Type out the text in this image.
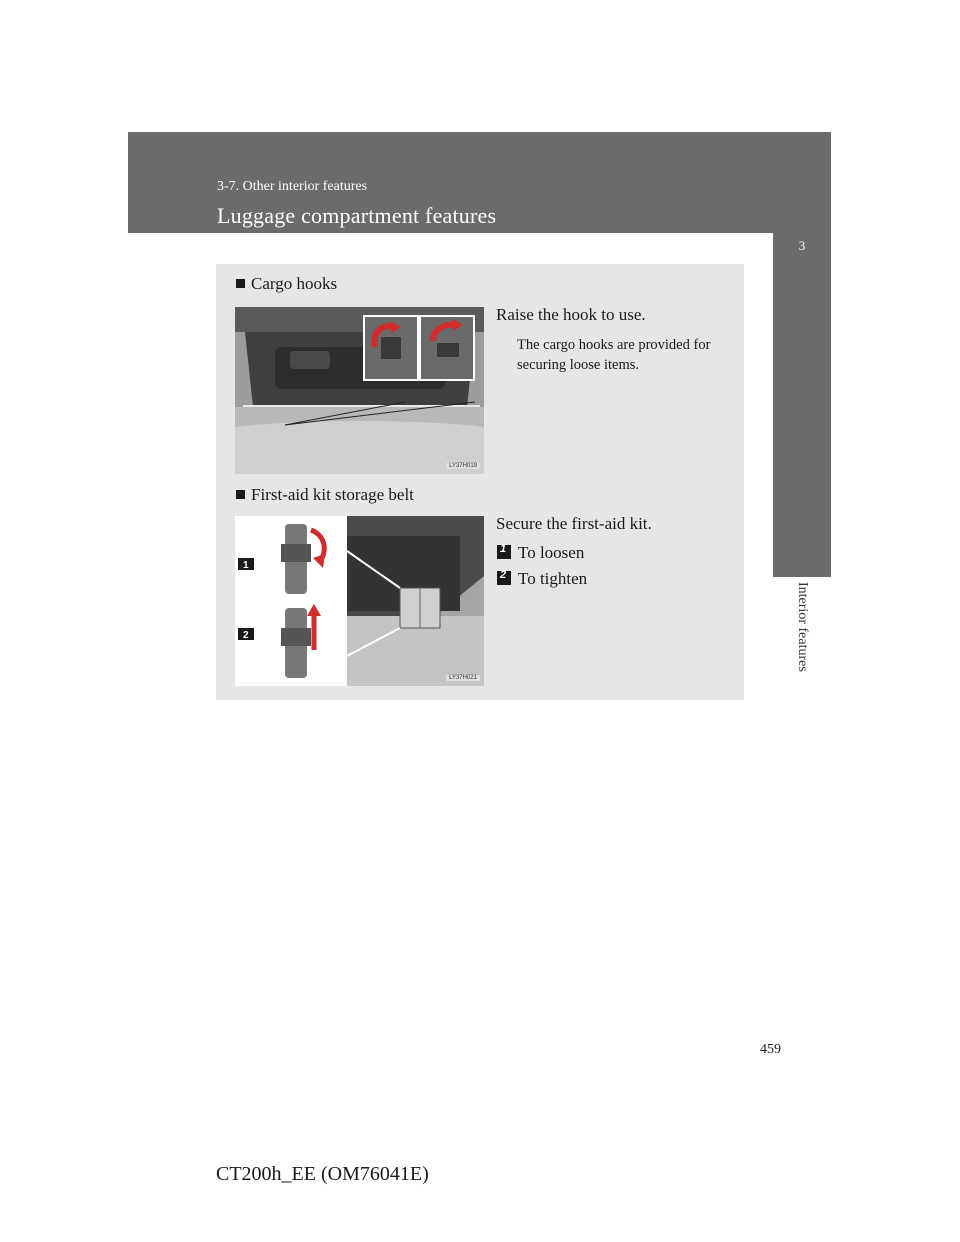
3-7. Other interior features
Luggage compartment features
3
Interior features
Cargo hooks
LY37H019
Raise the hook to use.
The cargo hooks are provided for securing loose items.
First-aid kit storage belt
1
2
LY37H021
Secure the first-aid kit.
1To loosen
2To tighten
459
CT200h_EE (OM76041E)
